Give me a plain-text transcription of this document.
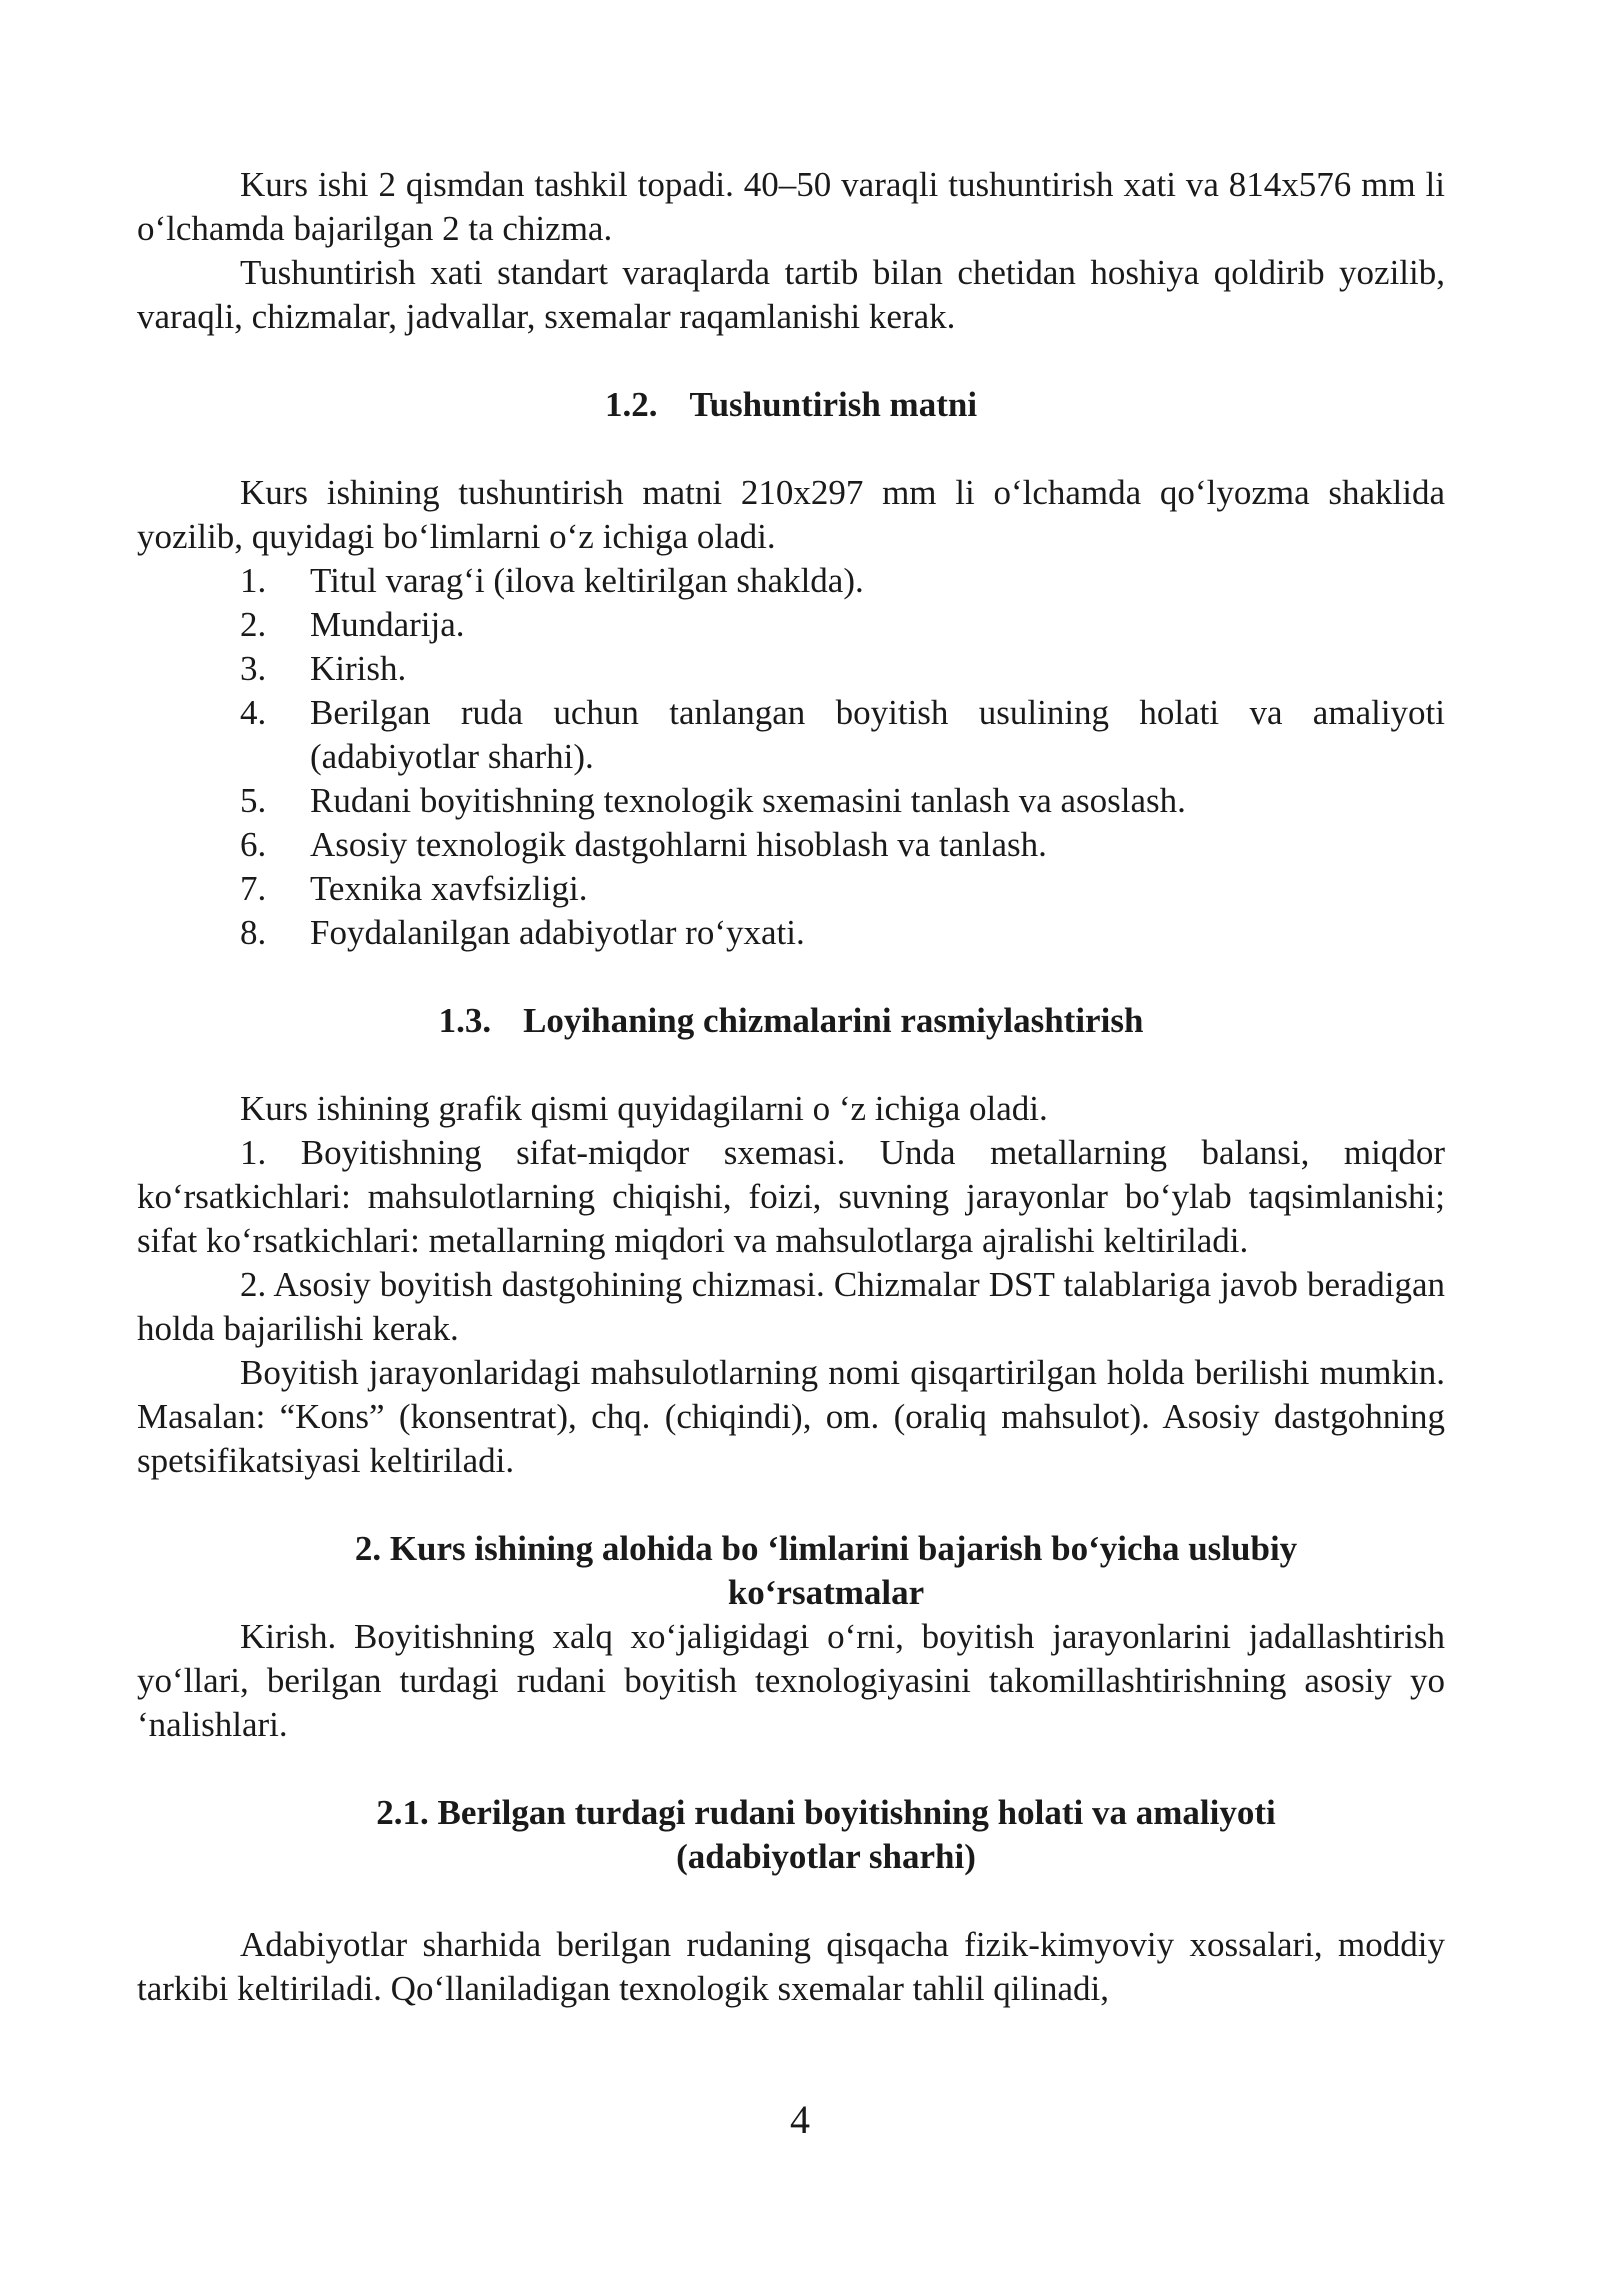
Kurs ishi 2 qismdan tashkil topadi. 40–50 varaqli tushuntirish xati va 814x576 mm li o‘lchamda bajarilgan 2 ta chizma.

Tushuntirish xati standart varaqlarda tartib bilan chetidan hoshiya qoldirib yozilib, varaqli, chizmalar, jadvallar, sxemalar raqamlanishi kerak.

1.2. Tushuntirish matni

Kurs ishining tushuntirish matni 210x297 mm li o‘lchamda qo‘lyozma shaklida yozilib, quyidagi bo‘limlarni o‘z ichiga oladi.

1.	Titul varag‘i (ilova keltirilgan shaklda).
2.	Mundarija.
3.	Kirish.
4.	Berilgan ruda uchun tanlangan boyitish usulining holati va amaliyoti (adabiyotlar sharhi).
5.	Rudani boyitishning texnologik sxemasini tanlash va asoslash.
6.	Asosiy texnologik dastgohlarni hisoblash va tanlash.
7.	Texnika xavfsizligi.
8.	Foydalanilgan adabiyotlar ro‘yxati.
1.3. Loyihaning chizmalarini rasmiylashtirish

Kurs ishining grafik qismi quyidagilarni o ‘z ichiga oladi.

1. Boyitishning sifat-miqdor sxemasi. Unda metallarning balansi, miqdor ko‘rsatkichlari: mahsulotlarning chiqishi, foizi, suvning jarayonlar bo‘ylab taqsimlanishi; sifat ko‘rsatkichlari: metallarning miqdori va mahsulotlarga ajralishi keltiriladi.

2. Asosiy boyitish dastgohining chizmasi. Chizmalar DST talablariga javob beradigan holda bajarilishi kerak.

Boyitish jarayonlaridagi mahsulotlarning nomi qisqartirilgan holda berilishi mumkin. Masalan: “Kons” (konsentrat), chq. (chiqindi), om. (oraliq mahsulot). Asosiy dastgohning spetsifikatsiyasi keltiriladi.

2. Kurs ishining alohida bo ‘limlarini bajarish bo‘yicha uslubiy ko‘rsatmalar

Kirish. Boyitishning xalq xo‘jaligidagi o‘rni, boyitish jarayonlarini jadallashtirish yo‘llari, berilgan turdagi rudani boyitish texnologiyasini takomillashtirishning asosiy yo ‘nalishlari.

2.1. Berilgan turdagi rudani boyitishning holati va amaliyoti (adabiyotlar sharhi)

Adabiyotlar sharhida berilgan rudaning qisqacha fizik-kimyoviy xossalari, moddiy tarkibi keltiriladi. Qo‘llaniladigan texnologik sxemalar tahlil qilinadi,

4
